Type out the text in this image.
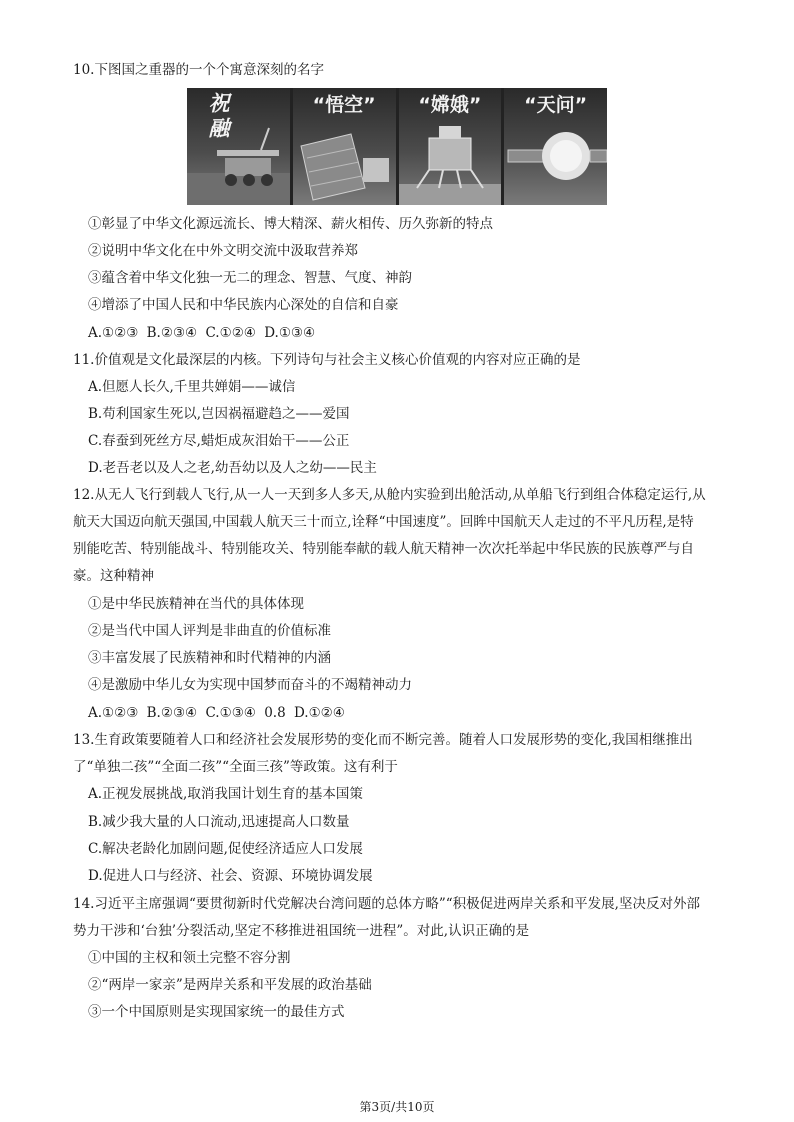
10.下图国之重器的一个个寓意深刻的名字
祝融	“悟空”	“嫦娥”	“天问”
①彰显了中华文化源远流长、博大精深、薪火相传、历久弥新的特点
②说明中华文化在中外文明交流中汲取营养郑
③蕴含着中华文化独一无二的理念、智慧、气度、神韵
④增添了中国人民和中华民族内心深处的自信和自豪
A.①②③ B.②③④ C.①②④ D.①③④
11.价值观是文化最深层的内核。下列诗句与社会主义核心价值观的内容对应正确的是
A.但愿人长久,千里共婵娟——诚信
B.苟利国家生死以,岂因祸福避趋之——爱国
C.春蚕到死丝方尽,蜡炬成灰泪始干——公正
D.老吾老以及人之老,幼吾幼以及人之幼——民主
12.从无人飞行到载人飞行,从一人一天到多人多天,从舱内实验到出舱活动,从单船飞行到组合体稳定运行,从
航天大国迈向航天强国,中国载人航天三十而立,诠释“中国速度”。回眸中国航天人走过的不平凡历程,是特
别能吃苦、特别能战斗、特别能攻关、特别能奉献的载人航天精神一次次托举起中华民族的民族尊严与自
豪。这种精神
①是中华民族精神在当代的具体体现
②是当代中国人评判是非曲直的价值标准
③丰富发展了民族精神和时代精神的内涵
④是激励中华儿女为实现中国梦而奋斗的不竭精神动力
A.①②③ B.②③④ C.①③④ 0.8 D.①②④
13.生育政策要随着人口和经济社会发展形势的变化而不断完善。随着人口发展形势的变化,我国相继推出
了“单独二孩”“全面二孩”“全面三孩”等政策。这有利于
A.正视发展挑战,取消我国计划生育的基本国策
B.减少我大量的人口流动,迅速提高人口数量
C.解决老龄化加剧问题,促使经济适应人口发展
D.促进人口与经济、社会、资源、环境协调发展
14.习近平主席强调“要贯彻新时代党解决台湾问题的总体方略”“积极促进两岸关系和平发展,坚决反对外部
势力干涉和‘台独’分裂活动,坚定不移推进祖国统一进程”。对此,认识正确的是
①中国的主权和领土完整不容分割
②“两岸一家亲”是两岸关系和平发展的政治基础
③一个中国原则是实现国家统一的最佳方式
第3页/共10页
